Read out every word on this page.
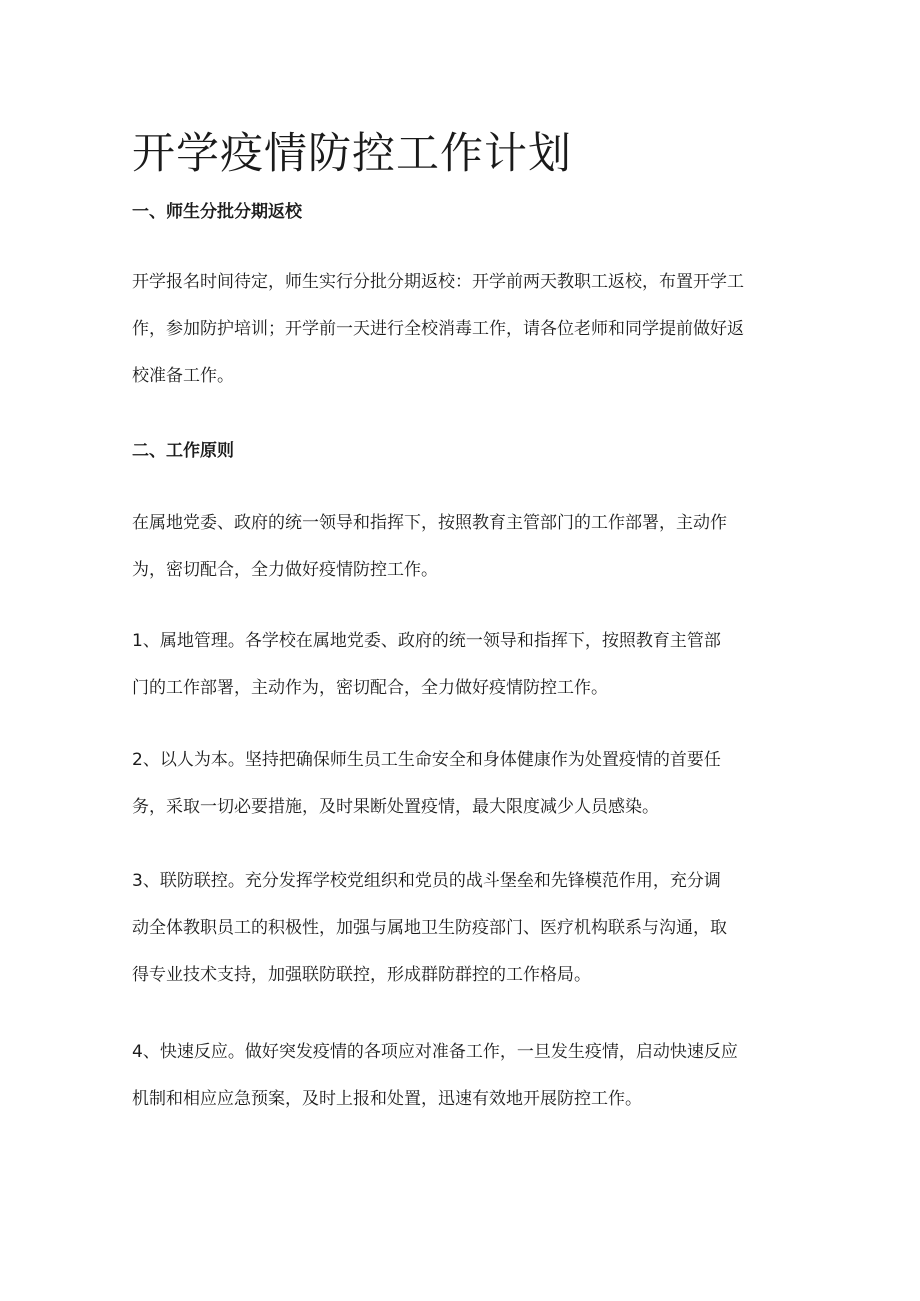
开学疫情防控工作计划
一、师生分批分期返校

开学报名时间待定，师生实行分批分期返校：开学前两天教职工返校，布置开学工
作，参加防护培训；开学前一天进行全校消毒工作，请各位老师和同学提前做好返
校准备工作。

二、工作原则

在属地党委、政府的统一领导和指挥下，按照教育主管部门的工作部署，主动作
为，密切配合，全力做好疫情防控工作。

1、属地管理。各学校在属地党委、政府的统一领导和指挥下，按照教育主管部
门的工作部署，主动作为，密切配合，全力做好疫情防控工作。

2、以人为本。坚持把确保师生员工生命安全和身体健康作为处置疫情的首要任
务，采取一切必要措施，及时果断处置疫情，最大限度减少人员感染。

3、联防联控。充分发挥学校党组织和党员的战斗堡垒和先锋模范作用，充分调
动全体教职员工的积极性，加强与属地卫生防疫部门、医疗机构联系与沟通，取
得专业技术支持，加强联防联控，形成群防群控的工作格局。

4、快速反应。做好突发疫情的各项应对准备工作，一旦发生疫情，启动快速反应
机制和相应应急预案，及时上报和处置，迅速有效地开展防控工作。
